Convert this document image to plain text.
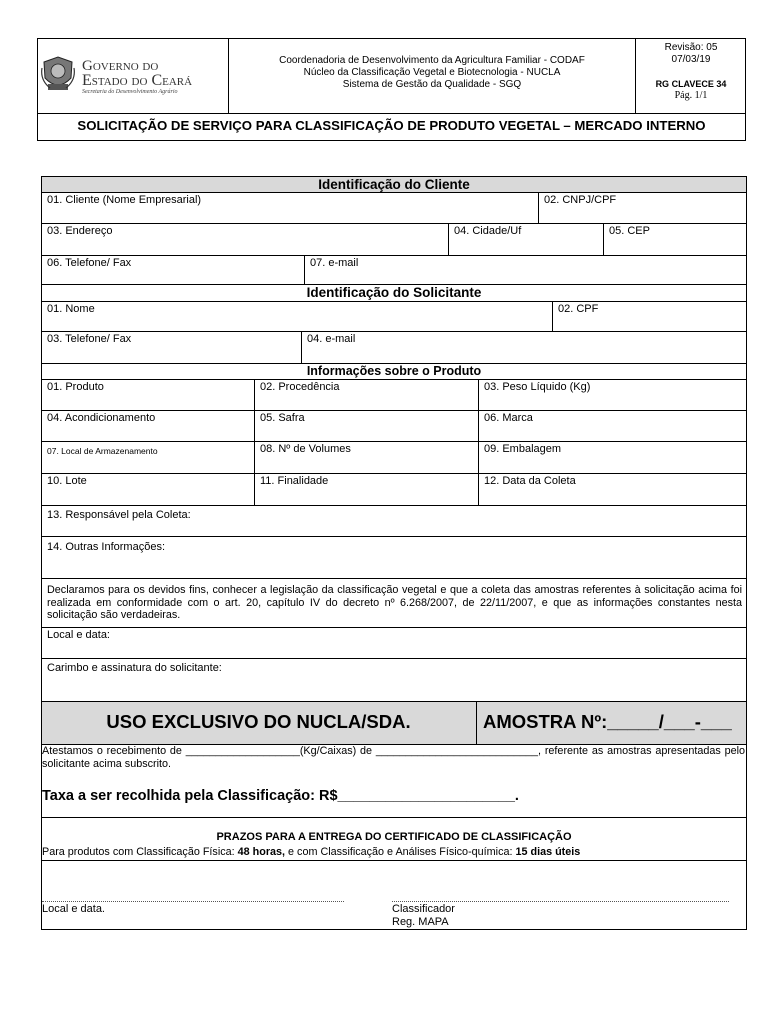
Governo do
Estado do Ceará
Secretaria do Desenvolvimento Agrário
Coordenadoria de Desenvolvimento da Agricultura Familiar - CODAF
Núcleo da Classificação Vegetal e Biotecnologia - NUCLA
Sistema de Gestão da Qualidade - SGQ
Revisão: 05
07/03/19
RG CLAVECE 34
Pág. 1/1
SOLICITAÇÃO DE SERVIÇO PARA CLASSIFICAÇÃO DE PRODUTO VEGETAL – MERCADO INTERNO
Identificação do Cliente
01. Cliente (Nome Empresarial)	02. CNPJ/CPF
03. Endereço	04. Cidade/Uf	05. CEP
06. Telefone/ Fax	07. e-mail
Identificação do Solicitante
01. Nome	02. CPF
03. Telefone/ Fax	04. e-mail
Informações sobre o Produto
01. Produto	02. Procedência	03. Peso Líquido (Kg)
04. Acondicionamento	05. Safra	06. Marca
07. Local de Armazenamento	08. Nº de Volumes	09. Embalagem
10. Lote	11. Finalidade	12. Data da Coleta
13. Responsável pela Coleta:
14. Outras Informações:
Declaramos para os devidos fins, conhecer a legislação da classificação vegetal e que a coleta das amostras referentes à solicitação acima foi realizada em conformidade com o art. 20, capítulo IV do decreto nº 6.268/2007, de 22/11/2007, e que as informações constantes nesta solicitação são verdadeiras.
Local e data:
Carimbo e assinatura do solicitante:
USO EXCLUSIVO DO NUCLA/SDA.	AMOSTRA Nº:_____/___-___
Atestamos o recebimento de ___________________(Kg/Caixas) de ___________________________, referente as amostras apresentadas pelo solicitante acima subscrito.
Taxa a ser recolhida pela Classificação: R$______________________.
PRAZOS PARA A ENTREGA DO CERTIFICADO DE CLASSIFICAÇÃO
Para produtos com Classificação Física: 48 horas, e com Classificação e Análises Físico-química: 15 dias úteis
Local e data.	Classificador
Reg. MAPA
